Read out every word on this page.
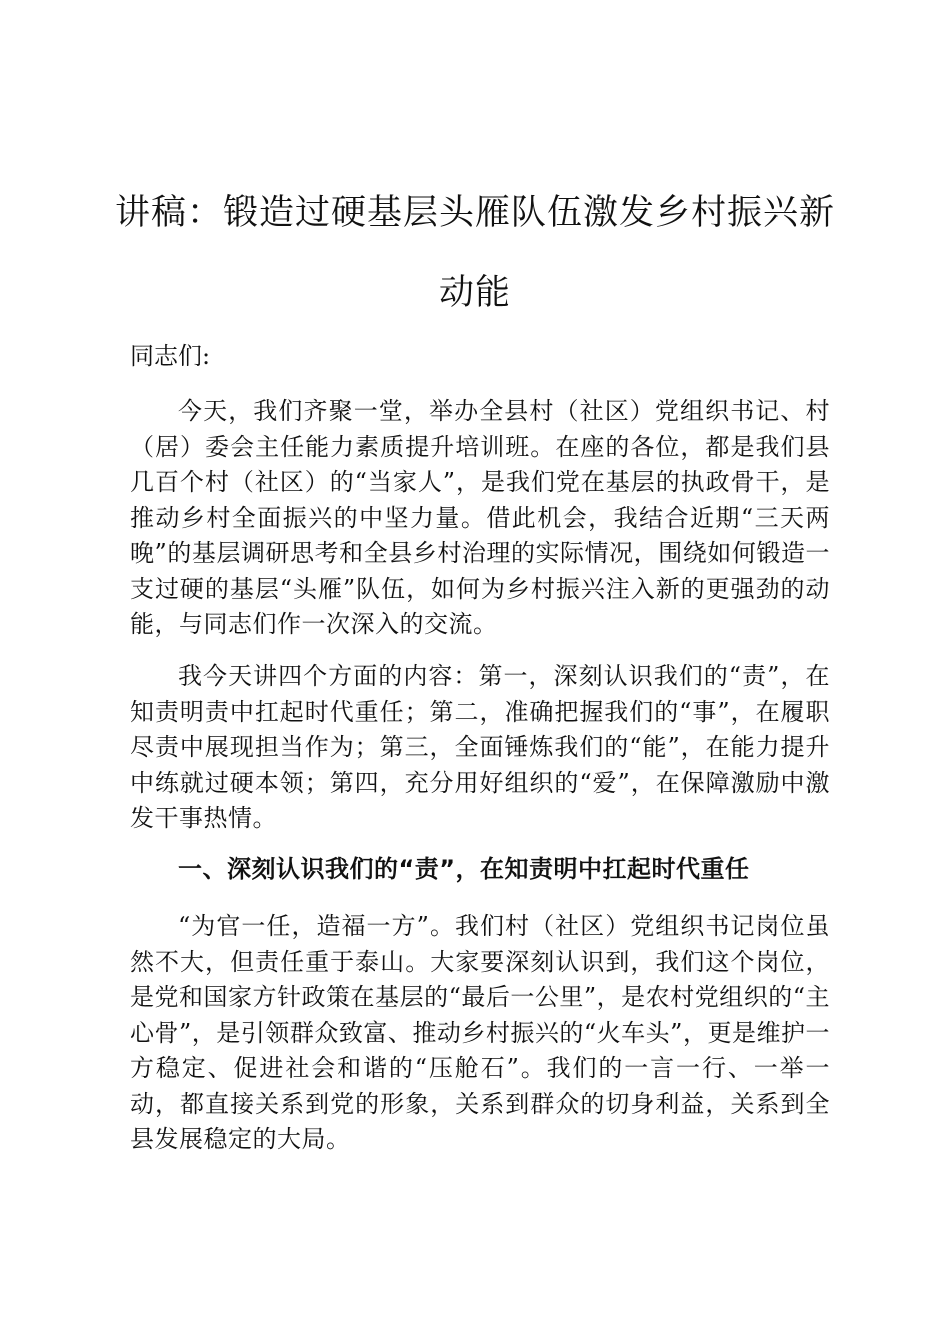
讲稿：锻造过硬基层头雁队伍激发乡村振兴新
动能
同志们:

今天，我们齐聚一堂，举办全县村（社区）党组织书记、村（居）委会主任能力素质提升培训班。在座的各位，都是我们县几百个村（社区）的“当家人”，是我们党在基层的执政骨干，是推动乡村全面振兴的中坚力量。借此机会，我结合近期“三天两晚”的基层调研思考和全县乡村治理的实际情况，围绕如何锻造一支过硬的基层“头雁”队伍，如何为乡村振兴注入新的更强劲的动能，与同志们作一次深入的交流。

我今天讲四个方面的内容：第一，深刻认识我们的“责”，在知责明责中扛起时代重任；第二，准确把握我们的“事”，在履职尽责中展现担当作为；第三，全面锤炼我们的“能”，在能力提升中练就过硬本领；第四，充分用好组织的“爱”，在保障激励中激发干事热情。

一、深刻认识我们的“责”，在知责明中扛起时代重任

“为官一任，造福一方”。我们村（社区）党组织书记岗位虽然不大，但责任重于泰山。大家要深刻认识到，我们这个岗位，是党和国家方针政策在基层的“最后一公里”，是农村党组织的“主心骨”，是引领群众致富、推动乡村振兴的“火车头”，更是维护一方稳定、促进社会和谐的“压舱石”。我们的一言一行、一举一动，都直接关系到党的形象，关系到群众的切身利益，关系到全县发展稳定的大局。
